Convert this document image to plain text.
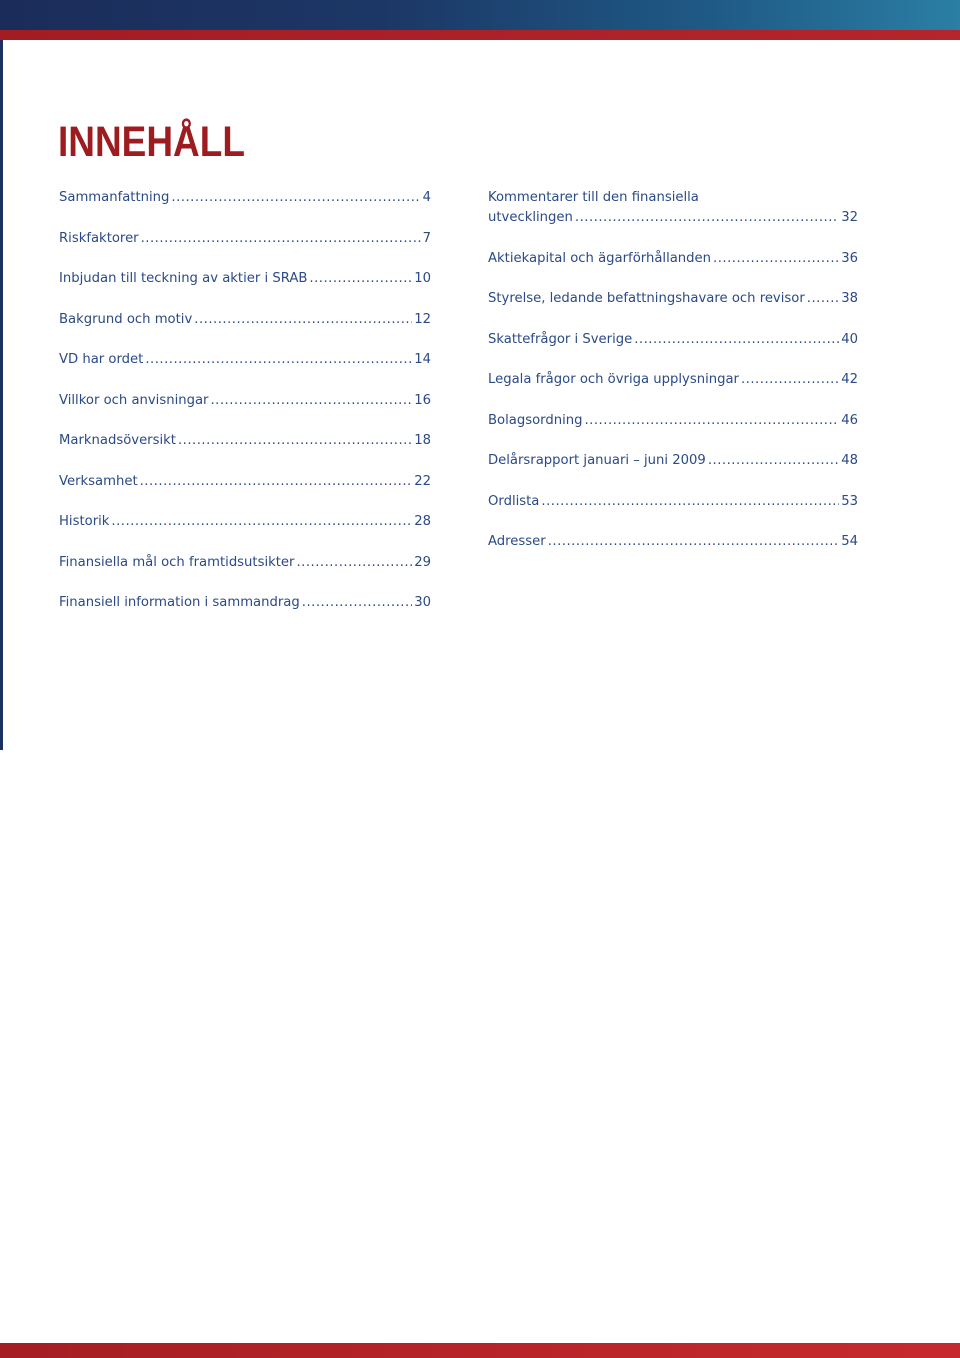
INNEHÅLL
Sammanfattning .....	4
Riskfaktorer .....	7
Inbjudan till teckning av aktier i SRAB .....	10
Bakgrund och motiv .....	12
VD har ordet .....	14
Villkor och anvisningar .....	16
Marknadsöversikt .....	18
Verksamhet .....	22
Historik .....	28
Finansiella mål och framtidsutsikter .....	29
Finansiell information i sammandrag .....	30
Kommentarer till den finansiella
utvecklingen .....	32
Aktiekapital och ägarförhållanden .....	36
Styrelse, ledande befattningshavare och revisor .....	38
Skattefrågor i Sverige .....	40
Legala frågor och övriga upplysningar .....	42
Bolagsordning .....	46
Delårsrapport januari – juni 2009 .....	48
Ordlista .....	53
Adresser .....	54
